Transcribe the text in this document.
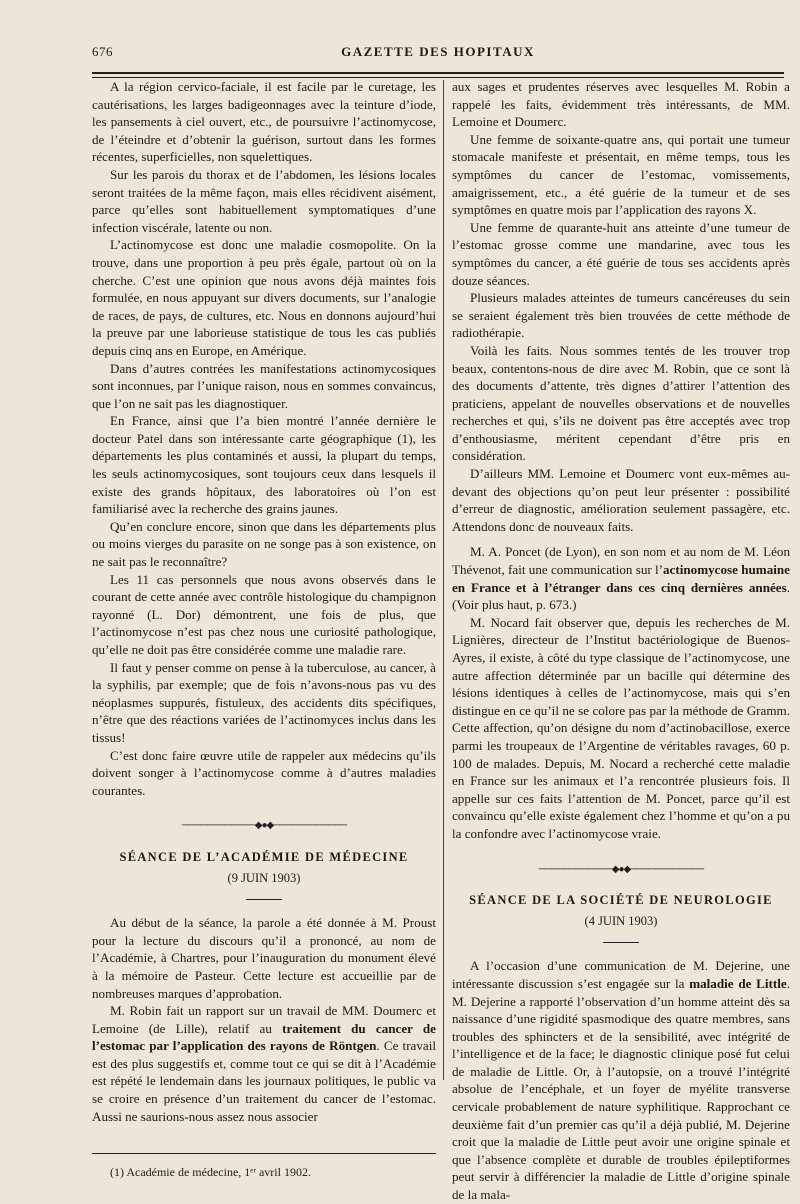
676	GAZETTE DES HOPITAUX

A la région cervico-faciale, il est facile par le curetage, les cautérisations, les larges badigeonnages avec la teinture d’iode, les pansements à ciel ouvert, etc., de poursuivre l’actinomycose, de l’éteindre et d’obtenir la guérison, surtout dans les formes récentes, superficielles, non squelettiques.

Sur les parois du thorax et de l’abdomen, les lésions locales seront traitées de la même façon, mais elles récidivent aisément, parce qu’elles sont habituellement symptomatiques d’une infection viscérale, latente ou non.

L’actinomycose est donc une maladie cosmopolite. On la trouve, dans une proportion à peu près égale, partout où on la cherche. C’est une opinion que nous avons déjà maintes fois formulée, en nous appuyant sur divers documents, sur l’analogie de races, de pays, de cultures, etc. Nous en donnons aujourd’hui la preuve par une laborieuse statistique de tous les cas publiés depuis cinq ans en Europe, en Amérique.

Dans d’autres contrées les manifestations actinomycosiques sont inconnues, par l’unique raison, nous en sommes convaincus, que l’on ne sait pas les diagnostiquer.

En France, ainsi que l’a bien montré l’année dernière le docteur Patel dans son intéressante carte géographique (1), les départements les plus contaminés et aussi, la plupart du temps, les seuls actinomycosiques, sont toujours ceux dans lesquels il existe des grands hôpitaux, des laboratoires où l’on est familiarisé avec la recherche des grains jaunes.

Qu’en conclure encore, sinon que dans les départements plus ou moins vierges du parasite on ne songe pas à son existence, on ne sait pas le reconnaître?

Les 11 cas personnels que nous avons observés dans le courant de cette année avec contrôle histologique du champignon rayonné (L. Dor) démontrent, une fois de plus, que l’actinomycose n’est pas chez nous une curiosité pathologique, qu’elle ne doit pas être considérée comme une maladie rare.

Il faut y penser comme on pense à la tuberculose, au cancer, à la syphilis, par exemple; que de fois n’avons-nous pas vu des néoplasmes suppurés, fistuleux, des accidents dits spécifiques, n’être que des réactions variées de l’actinomyces inclus dans les tissus!

C’est donc faire œuvre utile de rappeler aux médecins qu’ils doivent songer à l’actinomycose comme à d’autres maladies courantes.

────────────◆●◆────────────
SÉANCE DE L’ACADÉMIE DE MÉDECINE
(9 JUIN 1903)

Au début de la séance, la parole a été donnée à M. Proust pour la lecture du discours qu’il a prononcé, au nom de l’Académie, à Chartres, pour l’inauguration du monument élevé à la mémoire de Pasteur. Cette lecture est accueillie par de nombreuses marques d’approbation.

M. Robin fait un rapport sur un travail de MM. Doumerc et Lemoine (de Lille), relatif au traitement du cancer de l’estomac par l’application des rayons de Röntgen. Ce travail est des plus suggestifs et, comme tout ce qui se dit à l’Académie est répété le lendemain dans les journaux politiques, le public va se croire en présence d’un traitement du cancer de l’estomac. Aussi ne saurions-nous assez nous associer

(1) Académie de médecine, 1ᵉʳ avril 1902.

aux sages et prudentes réserves avec lesquelles M. Robin a rappelé les faits, évidemment très intéressants, de MM. Lemoine et Doumerc.

Une femme de soixante-quatre ans, qui portait une tumeur stomacale manifeste et présentait, en même temps, tous les symptômes du cancer de l’estomac, vomissements, amaigrissement, etc., a été guérie de la tumeur et de ses symptômes en quatre mois par l’application des rayons X.

Une femme de quarante-huit ans atteinte d’une tumeur de l’estomac grosse comme une mandarine, avec tous les symptômes du cancer, a été guérie de tous ses accidents après douze séances.

Plusieurs malades atteintes de tumeurs cancéreuses du sein se seraient également très bien trouvées de cette méthode de radiothérapie.

Voilà les faits. Nous sommes tentés de les trouver trop beaux, contentons-nous de dire avec M. Robin, que ce sont là des documents d’attente, très dignes d’attirer l’attention des praticiens, appelant de nouvelles observations et de nouvelles recherches et qui, s’ils ne doivent pas être acceptés avec trop d’enthousiasme, méritent cependant d’être pris en considération.

D’ailleurs MM. Lemoine et Doumerc vont eux-mêmes au-devant des objections qu’on peut leur présenter : possibilité d’erreur de diagnostic, amélioration seulement passagère, etc. Attendons donc de nouveaux faits.

M. A. Poncet (de Lyon), en son nom et au nom de M. Léon Thévenot, fait une communication sur l’actinomycose humaine en France et à l’étranger dans ces cinq dernières années. (Voir plus haut, p. 673.)

M. Nocard fait observer que, depuis les recherches de M. Lignières, directeur de l’Institut bactériologique de Buenos-Ayres, il existe, à côté du type classique de l’actinomycose, une autre affection déterminée par un bacille qui détermine des lésions identiques à celles de l’actinomycose, mais qui s’en distingue en ce qu’il ne se colore pas par la méthode de Gramm. Cette affection, qu’on désigne du nom d’actinobacillose, exerce parmi les troupeaux de l’Argentine de véritables ravages, 60 p. 100 de malades. Depuis, M. Nocard a recherché cette maladie en France sur les animaux et l’a rencontrée plusieurs fois. Il appelle sur ces faits l’attention de M. Poncet, parce qu’il est convaincu qu’elle existe également chez l’homme et qu’on a pu la confondre avec l’actinomycose vraie.

────────────◆●◆────────────
SÉANCE DE LA SOCIÉTÉ DE NEUROLOGIE
(4 JUIN 1903)

A l’occasion d’une communication de M. Dejerine, une intéressante discussion s’est engagée sur la maladie de Little. M. Dejerine a rapporté l’observation d’un homme atteint dès sa naissance d’une rigidité spasmodique des quatre membres, sans troubles des sphincters et de la sensibilité, avec intégrité de l’intelligence et de la face; le diagnostic clinique posé fut celui de maladie de Little. Or, à l’autopsie, on a trouvé l’intégrité absolue de l’encéphale, et un foyer de myélite transverse cervicale probablement de nature syphilitique. Rapprochant ce deuxième fait d’un premier cas qu’il a déjà publié, M. Dejerine croit que la maladie de Little peut avoir une origine spinale et que l’absence complète et durable de troubles épileptiformes peut servir à différencier la maladie de Little d’origine spinale de la mala-
